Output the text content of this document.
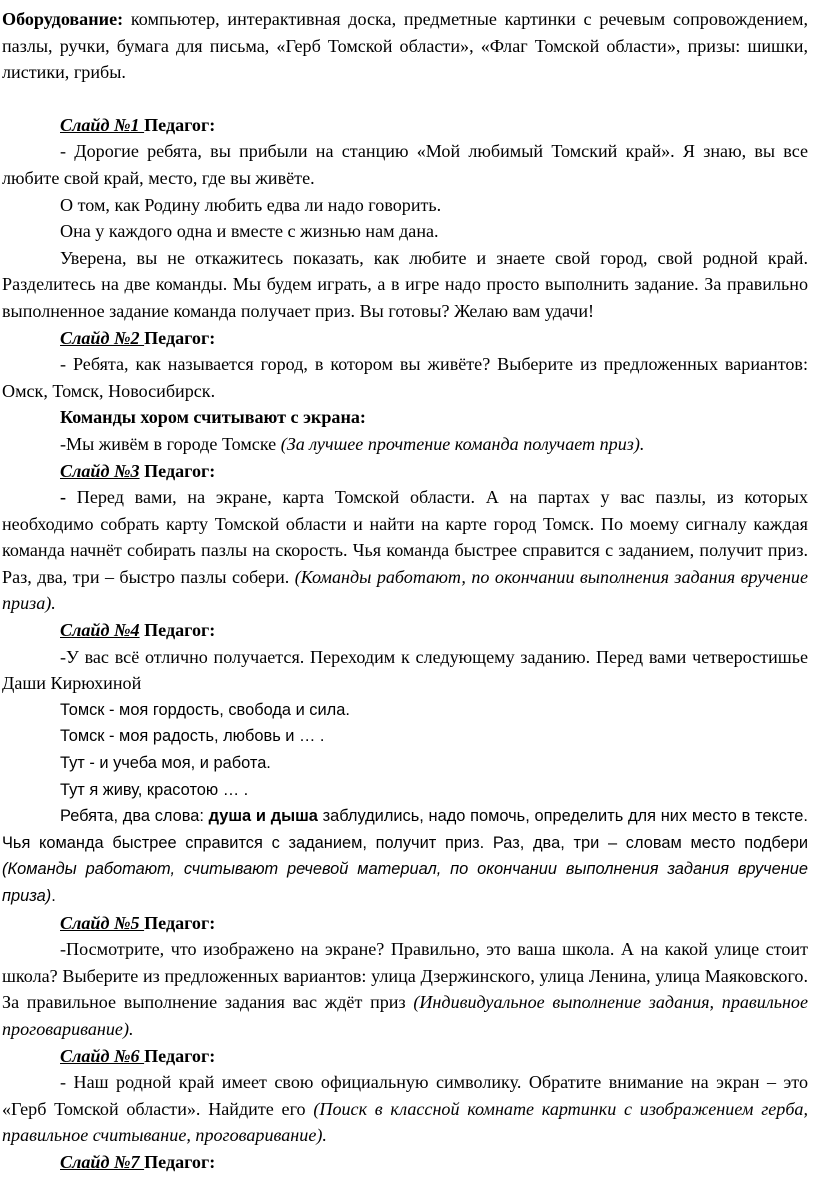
Оборудование: компьютер, интерактивная доска, предметные картинки с речевым сопровождением, пазлы, ручки, бумага для письма, «Герб Томской области», «Флаг Томской области», призы: шишки, листики, грибы.

Слайд №1 Педагог:

- Дорогие ребята, вы прибыли на станцию «Мой любимый Томский край». Я знаю, вы все любите свой край, место, где вы живёте.

О том, как Родину любить едва ли надо говорить.

Она у каждого одна и вместе с жизнью нам дана.

Уверена, вы не откажитесь показать, как любите и знаете свой город, свой родной край. Разделитесь на две команды. Мы будем играть, а в игре надо просто выполнить задание. За правильно выполненное задание команда получает приз. Вы готовы? Желаю вам удачи!

Слайд №2 Педагог:

- Ребята, как называется город, в котором вы живёте? Выберите из предложенных вариантов: Омск, Томск, Новосибирск.

Команды хором считывают с экрана:

-Мы живём в городе Томске (За лучшее прочтение команда получает приз).

Слайд №3 Педагог:

- Перед вами, на экране, карта Томской области. А на партах у вас пазлы, из которых необходимо собрать карту Томской области и найти на карте город Томск. По моему сигналу каждая команда начнёт собирать пазлы на скорость. Чья команда быстрее справится с заданием, получит приз. Раз, два, три – быстро пазлы собери. (Команды работают, по окончании выполнения задания вручение приза).

Слайд №4 Педагог:

-У вас всё отлично получается. Переходим к следующему заданию. Перед вами четверостишье Даши Кирюхиной

Томск - моя гордость, свобода и сила.

Томск - моя радость, любовь и … .

Тут - и учеба моя, и работа.

Тут я живу, красотою … .

Ребята, два слова: душа и дыша заблудились, надо помочь, определить для них место в тексте. Чья команда быстрее справится с заданием, получит приз. Раз, два, три – словам место подбери (Команды работают, считывают речевой материал, по окончании выполнения задания вручение приза).

Слайд №5 Педагог:

-Посмотрите, что изображено на экране? Правильно, это ваша школа. А на какой улице стоит школа? Выберите из предложенных вариантов: улица Дзержинского, улица Ленина, улица Маяковского. За правильное выполнение задания вас ждёт приз (Индивидуальное выполнение задания, правильное проговаривание).

Слайд №6 Педагог:

- Наш родной край имеет свою официальную символику. Обратите внимание на экран – это «Герб Томской области». Найдите его (Поиск в классной комнате картинки с изображением герба, правильное считывание, проговаривание).

Слайд №7 Педагог:
